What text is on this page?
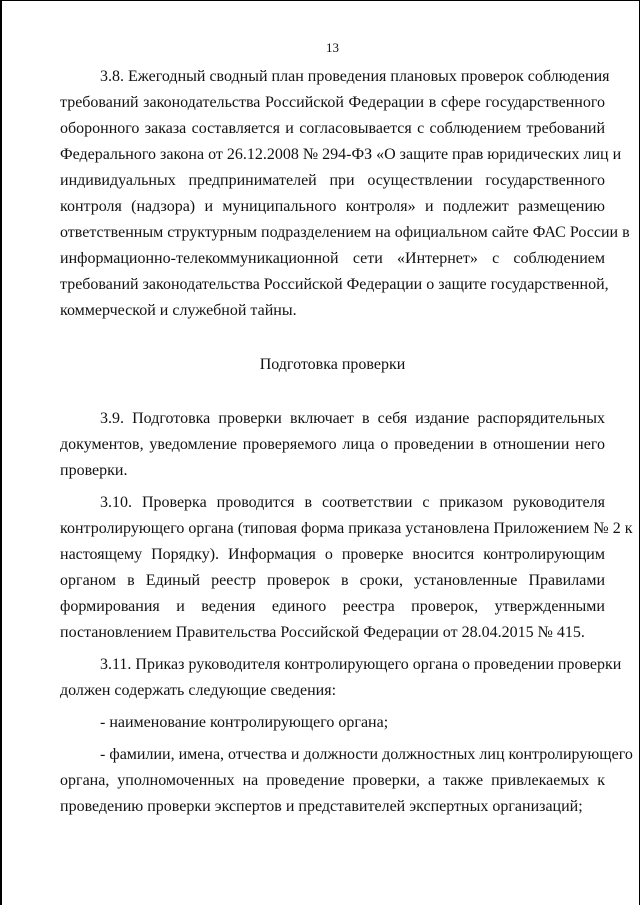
13

3.8. Ежегодный сводный план проведения плановых проверок соблюдения
требований законодательства Российской Федерации в сфере государственного
оборонного заказа составляется и согласовывается с соблюдением требований
Федерального закона от 26.12.2008 № 294-ФЗ «О защите прав юридических лиц и
индивидуальных предпринимателей при осуществлении государственного
контроля (надзора) и муниципального контроля» и подлежит размещению
ответственным структурным подразделением на официальном сайте ФАС России в
информационно-телекоммуникационной сети «Интернет» с соблюдением
требований законодательства Российской Федерации о защите государственной,
коммерческой и служебной тайны.

Подготовка проверки

3.9. Подготовка проверки включает в себя издание распорядительных
документов, уведомление проверяемого лица о проведении в отношении него
проверки.

3.10. Проверка проводится в соответствии с приказом руководителя
контролирующего органа (типовая форма приказа установлена Приложением № 2 к
настоящему Порядку). Информация о проверке вносится контролирующим
органом в Единый реестр проверок в сроки, установленные Правилами
формирования и ведения единого реестра проверок, утвержденными
постановлением Правительства Российской Федерации от 28.04.2015 № 415.

3.11. Приказ руководителя контролирующего органа о проведении проверки
должен содержать следующие сведения:

- наименование контролирующего органа;

- фамилии, имена, отчества и должности должностных лиц контролирующего
органа, уполномоченных на проведение проверки, а также привлекаемых к
проведению проверки экспертов и представителей экспертных организаций;
